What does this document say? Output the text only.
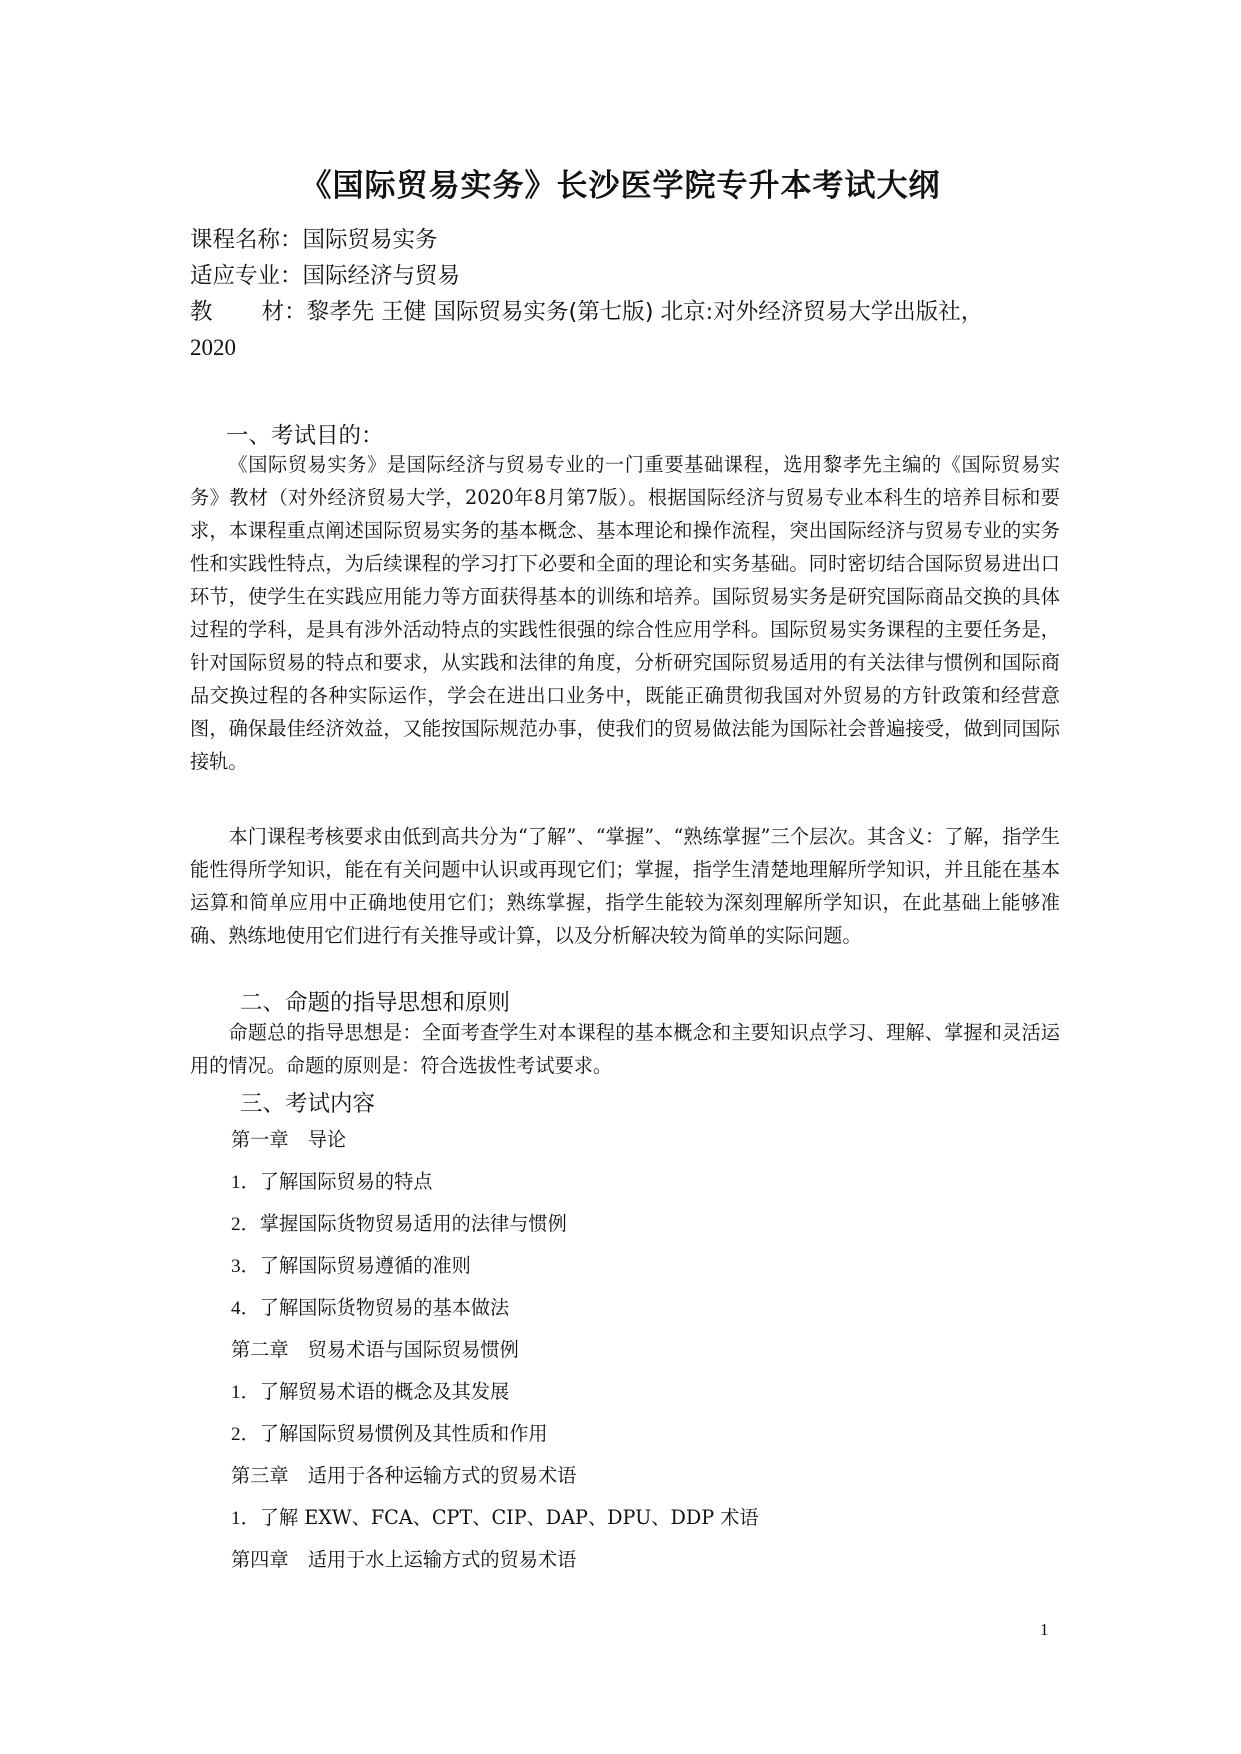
《国际贸易实务》长沙医学院专升本考试大纲
课程名称：国际贸易实务
适应专业：国际经济与贸易
教 材：黎孝先 王健 国际贸易实务(第七版) 北京:对外经济贸易大学出版社，
2020
一、考试目的：

《国际贸易实务》是国际经济与贸易专业的一门重要基础课程，选用黎孝先主编的《国际贸易实务》教材（对外经济贸易大学，2020年8月第7版）。根据国际经济与贸易专业本科生的培养目标和要求，本课程重点阐述国际贸易实务的基本概念、基本理论和操作流程，突出国际经济与贸易专业的实务性和实践性特点，为后续课程的学习打下必要和全面的理论和实务基础。同时密切结合国际贸易进出口环节，使学生在实践应用能力等方面获得基本的训练和培养。国际贸易实务是研究国际商品交换的具体过程的学科，是具有涉外活动特点的实践性很强的综合性应用学科。国际贸易实务课程的主要任务是，针对国际贸易的特点和要求，从实践和法律的角度，分析研究国际贸易适用的有关法律与惯例和国际商品交换过程的各种实际运作，学会在进出口业务中，既能正确贯彻我国对外贸易的方针政策和经营意图，确保最佳经济效益，又能按国际规范办事，使我们的贸易做法能为国际社会普遍接受，做到同国际接轨。

本门课程考核要求由低到高共分为“了解”、“掌握”、“熟练掌握”三个层次。其含义：了解，指学生能性得所学知识，能在有关问题中认识或再现它们；掌握，指学生清楚地理解所学知识，并且能在基本运算和简单应用中正确地使用它们；熟练掌握，指学生能较为深刻理解所学知识，在此基础上能够准确、熟练地使用它们进行有关推导或计算，以及分析解决较为简单的实际问题。

二、命题的指导思想和原则

命题总的指导思想是：全面考查学生对本课程的基本概念和主要知识点学习、理解、掌握和灵活运用的情况。命题的原则是：符合选拔性考试要求。

三、考试内容
第一章　导论
1．了解国际贸易的特点
2．掌握国际货物贸易适用的法律与惯例
3．了解国际贸易遵循的准则
4．了解国际货物贸易的基本做法
第二章　贸易术语与国际贸易惯例
1．了解贸易术语的概念及其发展
2．了解国际贸易惯例及其性质和作用
第三章　适用于各种运输方式的贸易术语
1．了解 EXW、FCA、CPT、CIP、DAP、DPU、DDP 术语
第四章　适用于水上运输方式的贸易术语
1
